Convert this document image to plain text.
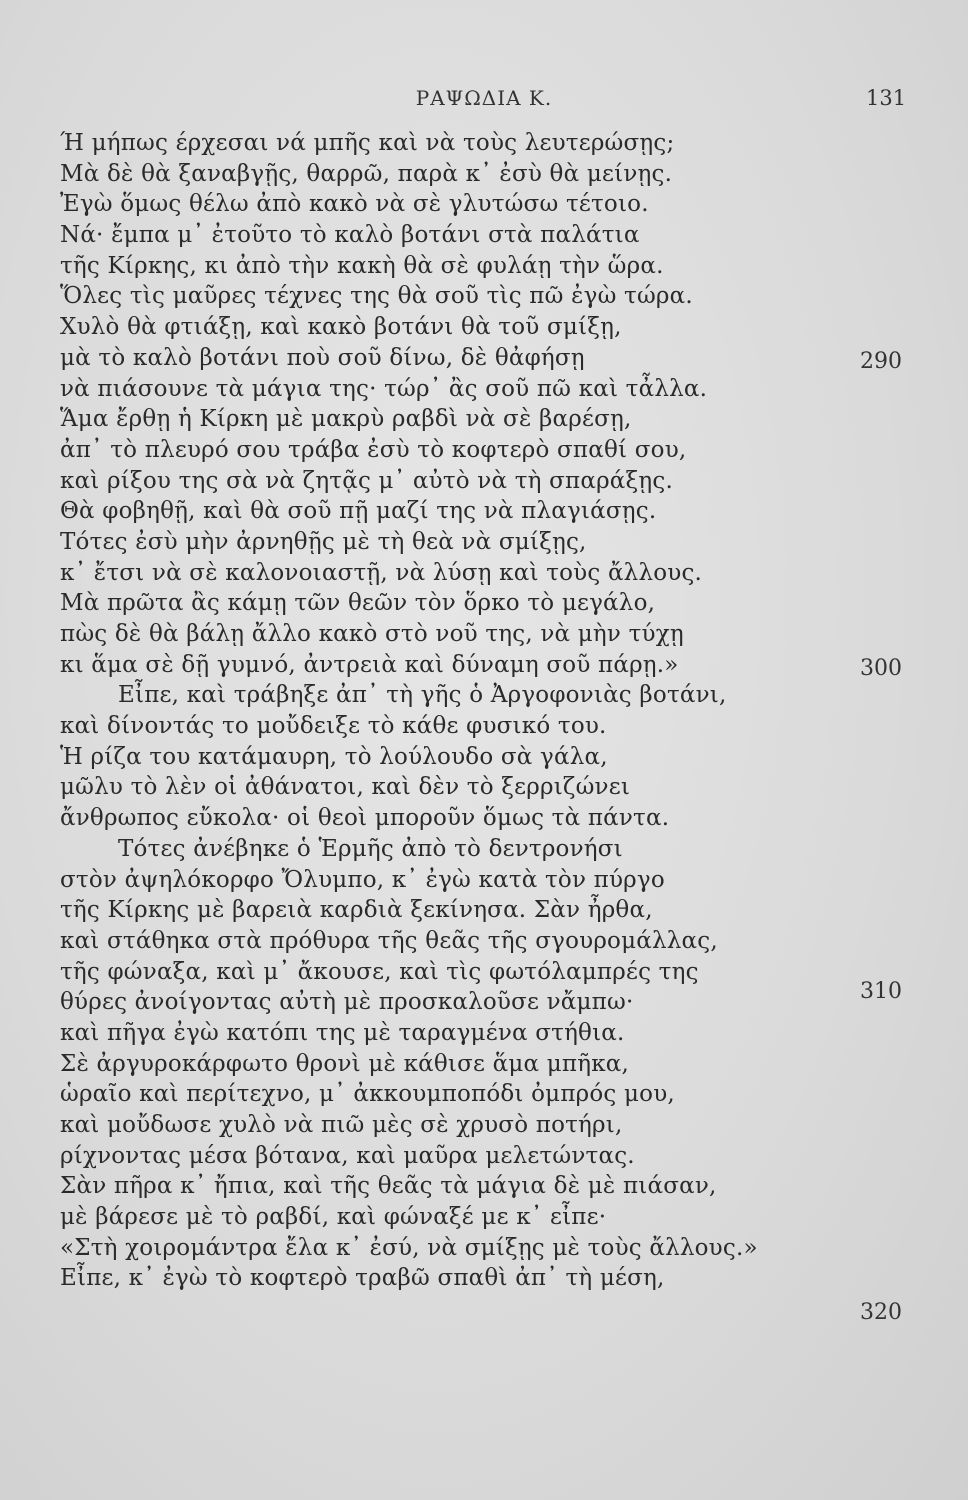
ΡΑΨΩΔΙΑ Κ.	131
Ή μήπως έρχεσαι νά μπῆς καὶ νὰ τοὺς λευτερώσῃς;
Μὰ δὲ θὰ ξαναβγῇς, θαρρῶ, παρὰ κ᾽ ἐσὺ θὰ μείνῃς.
Ἐγὼ ὅμως θέλω ἀπὸ κακὸ νὰ σὲ γλυτώσω τέτοιο.
Νά· ἔμπα μ᾽ ἐτοῦτο τὸ καλὸ βοτάνι στὰ παλάτια
τῆς Κίρκης, κι ἀπὸ τὴν κακὴ θὰ σὲ φυλάῃ τὴν ὥρα.
Ὅλες τὶς μαῦρες τέχνες της θὰ σοῦ τὶς πῶ ἐγὼ τώρα.
Χυλὸ θὰ φτιάξῃ, καὶ κακὸ βοτάνι θὰ τοῦ σμίξῃ,
μὰ τὸ καλὸ βοτάνι ποὺ σοῦ δίνω, δὲ θἀφήσῃ
νὰ πιάσουνε τὰ μάγια της· τώρ᾽ ἂς σοῦ πῶ καὶ τἆλλα.
Ἅμα ἔρθῃ ἡ Κίρκη μὲ μακρὺ ραβδὶ νὰ σὲ βαρέσῃ,
ἀπ᾽ τὸ πλευρό σου τράβα ἐσὺ τὸ κοφτερὸ σπαθί σου,
καὶ ρίξου της σὰ νὰ ζητᾷς μ᾽ αὐτὸ νὰ τὴ σπαράξῃς.
Θὰ φοβηθῇ, καὶ θὰ σοῦ πῇ μαζί της νὰ πλαγιάσῃς.
Τότες ἐσὺ μὴν ἀρνηθῇς μὲ τὴ θεὰ νὰ σμίξῃς,
κ᾽ ἔτσι νὰ σὲ καλονοιαστῇ, νὰ λύσῃ καὶ τοὺς ἄλλους.
Μὰ πρῶτα ἂς κάμῃ τῶν θεῶν τὸν ὅρκο τὸ μεγάλο,
πὼς δὲ θὰ βάλῃ ἄλλο κακὸ στὸ νοῦ της, νὰ μὴν τύχῃ
κι ἅμα σὲ δῇ γυμνό, ἀντρειὰ καὶ δύναμη σοῦ πάρῃ.»
Εἶπε, καὶ τράβηξε ἀπ᾽ τὴ γῆς ὁ Ἀργοφονιὰς βοτάνι,
καὶ δίνοντάς το μοὔδειξε τὸ κάθε φυσικό του.
Ἡ ρίζα του κατάμαυρη, τὸ λούλουδο σὰ γάλα,
μῶλυ τὸ λὲν οἱ ἀθάνατοι, καὶ δὲν τὸ ξερριζώνει
ἄνθρωπος εὔκολα· οἱ θεοὶ μποροῦν ὅμως τὰ πάντα.
Τότες ἀνέβηκε ὁ Ἑρμῆς ἀπὸ τὸ δεντρονήσι
στὸν ἀψηλόκορφο Ὄλυμπο, κ᾽ ἐγὼ κατὰ τὸν πύργο
τῆς Κίρκης μὲ βαρειὰ καρδιὰ ξεκίνησα. Σὰν ἦρθα,
καὶ στάθηκα στὰ πρόθυρα τῆς θεᾶς τῆς σγουρομάλλας,
τῆς φώναξα, καὶ μ᾽ ἄκουσε, καὶ τὶς φωτόλαμπρές της
θύρες ἀνοίγοντας αὐτὴ μὲ προσκαλοῦσε νἄμπω·
καὶ πῆγα ἐγὼ κατόπι της μὲ ταραγμένα στήθια.
Σὲ ἀργυροκάρφωτο θρονὶ μὲ κάθισε ἅμα μπῆκα,
ὡραῖο καὶ περίτεχνο, μ᾽ ἀκκουμποπόδι ὀμπρός μου,
καὶ μοὔδωσε χυλὸ νὰ πιῶ μὲς σὲ χρυσὸ ποτήρι,
ρίχνοντας μέσα βότανα, καὶ μαῦρα μελετώντας.
Σὰν πῆρα κ᾽ ἤπια, καὶ τῆς θεᾶς τὰ μάγια δὲ μὲ πιάσαν,
μὲ βάρεσε μὲ τὸ ραβδί, καὶ φώναξέ με κ᾽ εἶπε·
«Στὴ χοιρομάντρα ἔλα κ᾽ ἐσύ, νὰ σμίξῃς μὲ τοὺς ἄλλους.»
Εἶπε, κ᾽ ἐγὼ τὸ κοφτερὸ τραβῶ σπαθὶ ἀπ᾽ τὴ μέση,
290
300
310
320
